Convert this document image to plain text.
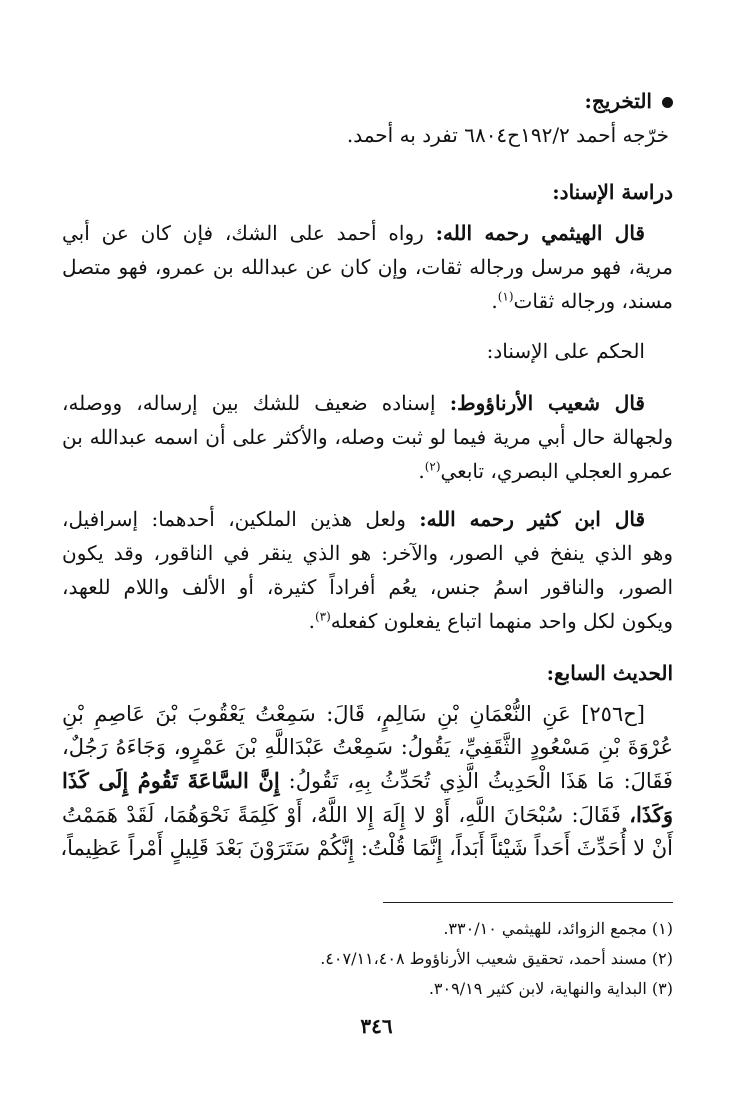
التخريج:
خرّجه أحمد ١٩٢/٢ح٦٨٠٤ تفرد به أحمد.
دراسة الإسناد:
قال الهيثمي رحمه الله: رواه أحمد على الشك، فإن كان عن أبي
مرية، فهو مرسل ورجاله ثقات، وإن كان عن عبدالله بن عمرو، فهو متصل
مسند، ورجاله ثقات$^{(١)}$.
الحكم على الإسناد:
قال شعيب الأرناؤوط: إسناده ضعيف للشك بين إرساله، ووصله،
ولجهالة حال أبي مرية فيما لو ثبت وصله، والأكثر على أن اسمه عبدالله بن
عمرو العجلي البصري، تابعي$^{(٢)}$.
قال ابن كثير رحمه الله: ولعل هذين الملكين، أحدهما: إسرافيل،
وهو الذي ينفخ في الصور، والآخر: هو الذي ينقر في الناقور، وقد يكون
الصور، والناقور اسمُ جنس، يعُم أفراداً كثيرة، أو الألف واللام للعهد،
ويكون لكل واحد منهما اتباع يفعلون كفعله$^{(٣)}$.
الحديث السابع:
[ح٢٥٦] عَنِ النُّعْمَانِ بْنِ سَالِمٍ، قَالَ: سَمِعْتُ يَعْقُوبَ بْنَ عَاصِمِ بْنِ
عُرْوَةَ بْنِ مَسْعُودٍ الثَّقَفِيِّ، يَقُولُ: سَمِعْتُ عَبْدَاللَّهِ بْنَ عَمْرٍو، وَجَاءَهُ رَجُلٌ،
فَقَالَ: مَا هَذَا الْحَدِيثُ الَّذِي تُحَدِّثُ بِهِ، تَقُولُ: إِنَّ السَّاعَةَ تَقُومُ إِلَى كَذَا
وَكَذَا، فَقَالَ: سُبْحَانَ اللَّهِ، أَوْ لا إِلَهَ إِلا اللَّهُ، أَوْ كَلِمَةً نَحْوَهُمَا، لَقَدْ هَمَمْتُ
أَنْ لا أُحَدِّثَ أَحَداً شَيْئاً أَبَداً، إِنَّمَا قُلْتُ: إِنَّكُمْ سَتَرَوْنَ بَعْدَ قَلِيلٍ أَمْراً عَظِيماً،
(١) مجمع الزوائد، للهيثمي ٣٣٠/١٠.
(٢) مسند أحمد، تحقيق شعيب الأرناؤوط ٤٠٧/١١،٤٠٨.
(٣) البداية والنهاية، لابن كثير ٣٠٩/١٩.
٣٤٦
